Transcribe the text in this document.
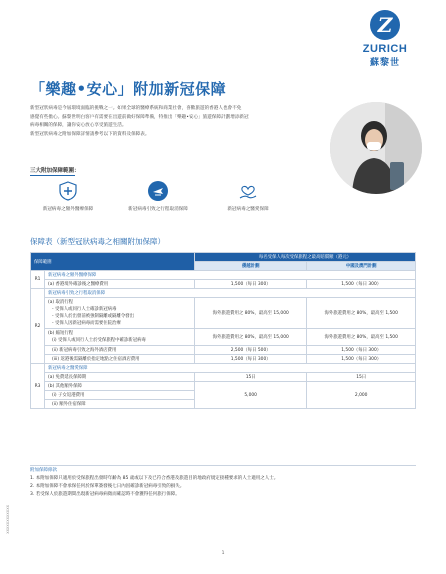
Z
ZURICH
蘇黎世
「樂趣•安心」附加新冠保障

新型冠狀病毒是今屆環境面臨的挑戰之一。如果全球的醫療系統和商業社會，喜歡旅遊的香港人也會不免

感覺有些擔心。蘇黎世明白客戶有需要在出遊前做好保障準備，特推出「樂趣•安心」旅遊保障計劃增添新冠

病毒相關的保障，讓你安心放心享受旅遊生活。

新型冠狀病毒之附加保障詳情請參考以下的資料及保障表。

三大附加保障範圍：
新冠病毒之額外醫療保障	新冠病毒引致之行程取消保障	新冠病毒之醫愛保障
保障表（新型冠狀病毒之相關附加保障）
保障範圍		每名受保人每次受保旅程之最高賠償額（港元）	
		優越計劃	中國及澳門計劃
R1	新冠病毒之額外醫療保障		
	(a) 香港境外確診後之醫療費用	1,500（每日 300）	1,500（每日 300）
R2	新冠病毒引致之行程取消保障		

	(a) 取消行程
- 受保人或同行人士確診新冠病毒
- 受保人於出發前被強制隔離或隔離令發出
- 受保人因新冠病毒而需要住院治療	海外旅遊費用之 80%，最高至 15,000	海外旅遊費用之 80%，最高至 1,500

	(b) 縮短行程
(i) 受保人或同行人士於受保旅程中確診新冠病毒	海外旅遊費用之 80%，最高至 15,000	海外旅遊費用之 80%，最高至 1,500
	(ii) 新冠病毒引致之海外酒店費用	2,500（每日 500）	1,500（每日 300）
	(iii) 返港後需隔離於指定地點之住宿酒店費用	1,500（每日 300）	1,500（每日 300）
R3	新冠病毒之醫愛保障		
	(a) 免費延長保障期	15日	15日
	(b) 其他額外保障	5,000	2,000
	(i) 子女返港費用		
	(ii) 額外住宿保障		
附加保障條款
1. 本附加保障只適用於受保旅程出發時年齡為 85 歲或以下及已符合香港及旅遊目的地政府規定接種要求的人士適用之人士。
2. 本附加保障不會承保任何於保單簽發後七日內因確診新冠病毒引致的損失。
3. 若受保人於旅遊期間出現新冠病毒病徵而確認時不會獲得任何旅行保障。
XXXXXXXXXXXX
1
